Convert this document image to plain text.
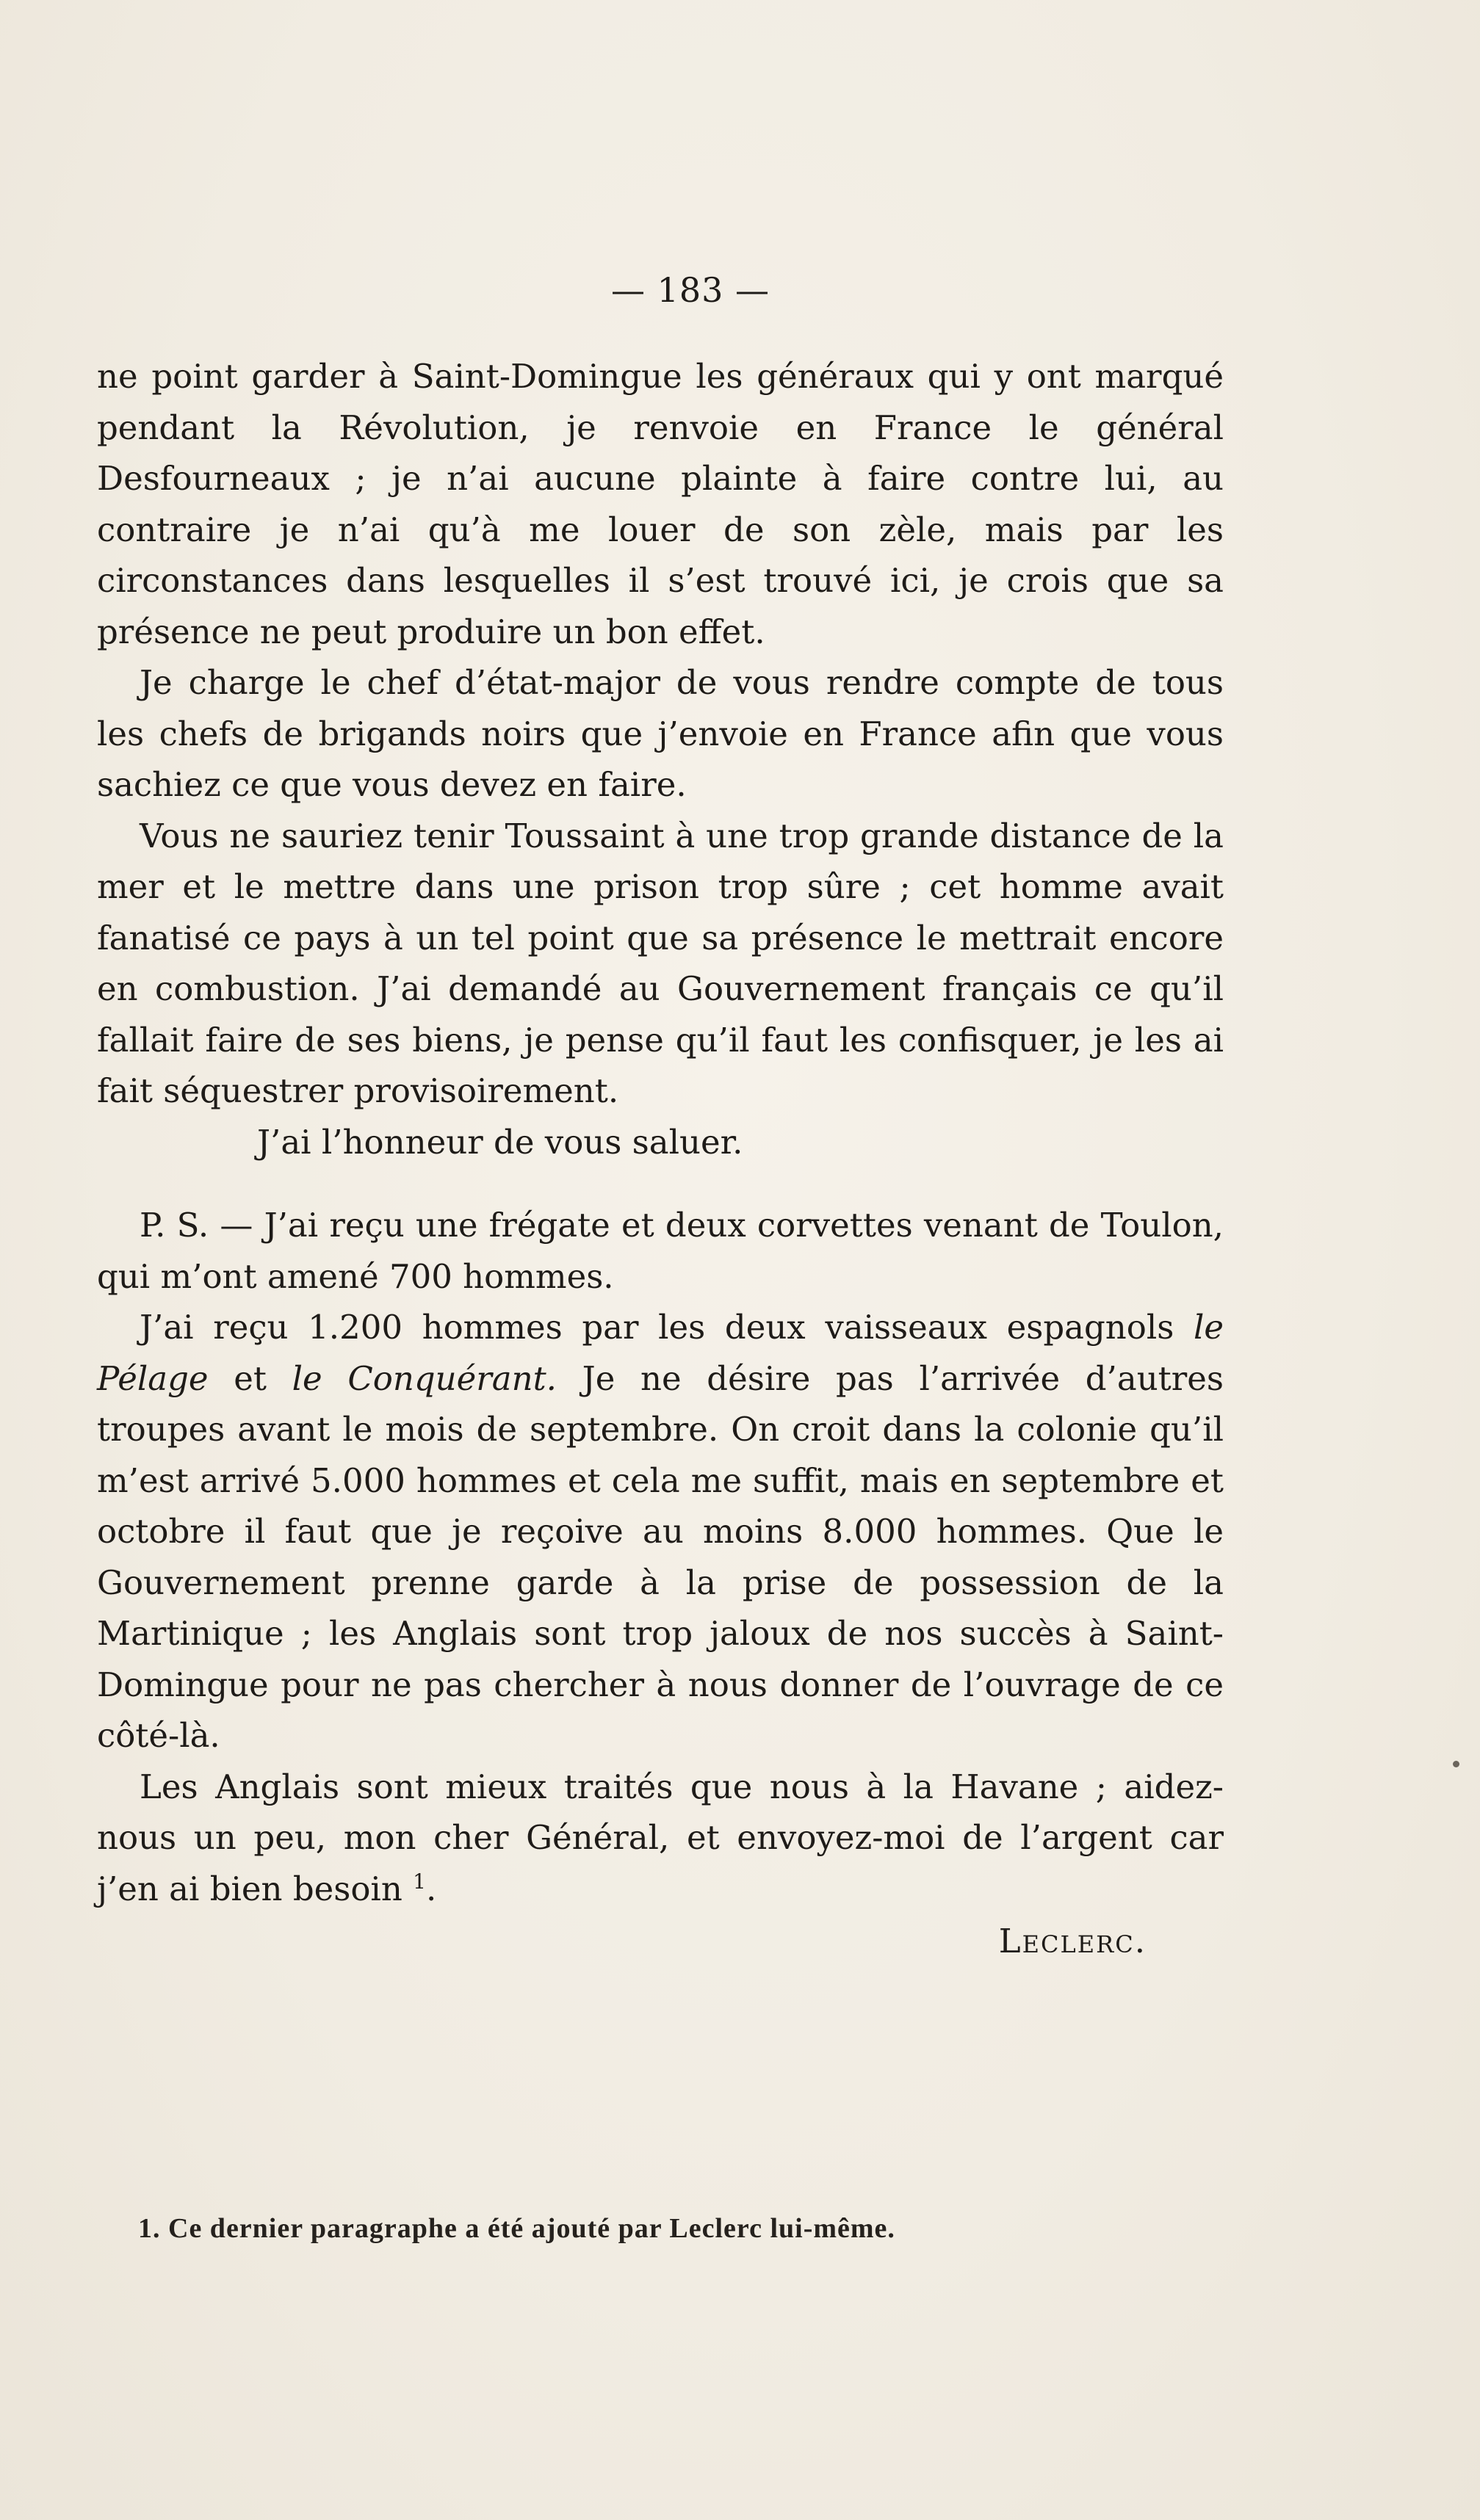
— 183 —

ne point garder à Saint-Domingue les généraux qui y ont marqué pendant la Révolution, je renvoie en France le général Desfourneaux ; je n’ai aucune plainte à faire contre lui, au contraire je n’ai qu’à me louer de son zèle, mais par les circonstances dans lesquelles il s’est trouvé ici, je crois que sa présence ne peut produire un bon effet.

Je charge le chef d’état-major de vous rendre compte de tous les chefs de brigands noirs que j’envoie en France afin que vous sachiez ce que vous devez en faire.

Vous ne sauriez tenir Toussaint à une trop grande distance de la mer et le mettre dans une prison trop sûre ; cet homme avait fanatisé ce pays à un tel point que sa présence le mettrait encore en combustion. J’ai demandé au Gouvernement français ce qu’il fallait faire de ses biens, je pense qu’il faut les confisquer, je les ai fait séquestrer provisoirement.

J’ai l’honneur de vous saluer.

P. S. — J’ai reçu une frégate et deux corvettes venant de Toulon, qui m’ont amené 700 hommes.

J’ai reçu 1.200 hommes par les deux vaisseaux espagnols le Pélage et le Conquérant. Je ne désire pas l’arrivée d’autres troupes avant le mois de septembre. On croit dans la colonie qu’il m’est arrivé 5.000 hommes et cela me suffit, mais en septembre et octobre il faut que je reçoive au moins 8.000 hommes. Que le Gouvernement prenne garde à la prise de possession de la Martinique ; les Anglais sont trop jaloux de nos succès à Saint-Domingue pour ne pas chercher à nous donner de l’ouvrage de ce côté-là.

Les Anglais sont mieux traités que nous à la Havane ; aidez-nous un peu, mon cher Général, et envoyez-moi de l’argent car j’en ai bien besoin $^1$.

Leclerc.

1. Ce dernier paragraphe a été ajouté par Leclerc lui-même.
